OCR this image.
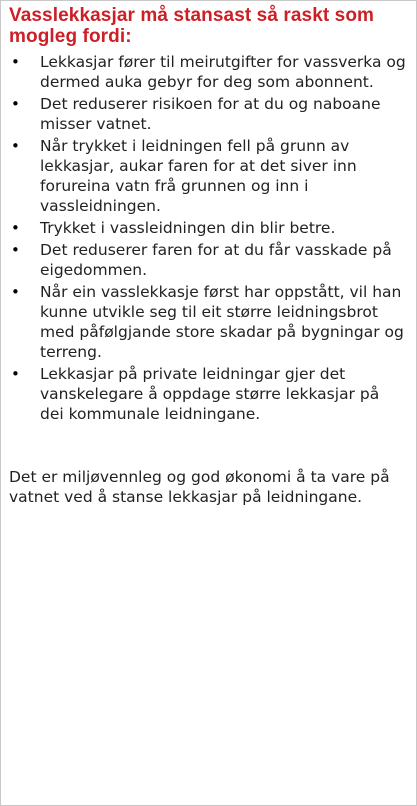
Vasslekkasjar må stansast så raskt som mogleg fordi:
•	Lekkasjar fører til meirutgifter for vassverka og dermed auka gebyr for deg som abonnent.
•	Det reduserer risikoen for at du og naboane misser vatnet.
•	Når trykket i leidningen fell på grunn av lekkasjar, aukar faren for at det siver inn forureina vatn frå grunnen og inn i vassleidningen.
•	Trykket i vassleidningen din blir betre.
•	Det reduserer faren for at du får vasskade på eigedommen.
•	Når ein vasslekkasje først har oppstått, vil han kunne utvikle seg til eit større leidningsbrot med påfølgjande store skadar på bygningar og terreng.
•	Lekkasjar på private leidningar gjer det vanskelegare å oppdage større lekkasjar på dei kommunale leidningane.

Det er miljøvennleg og god økonomi å ta vare på vatnet ved å stanse lekkasjar på leidningane.
